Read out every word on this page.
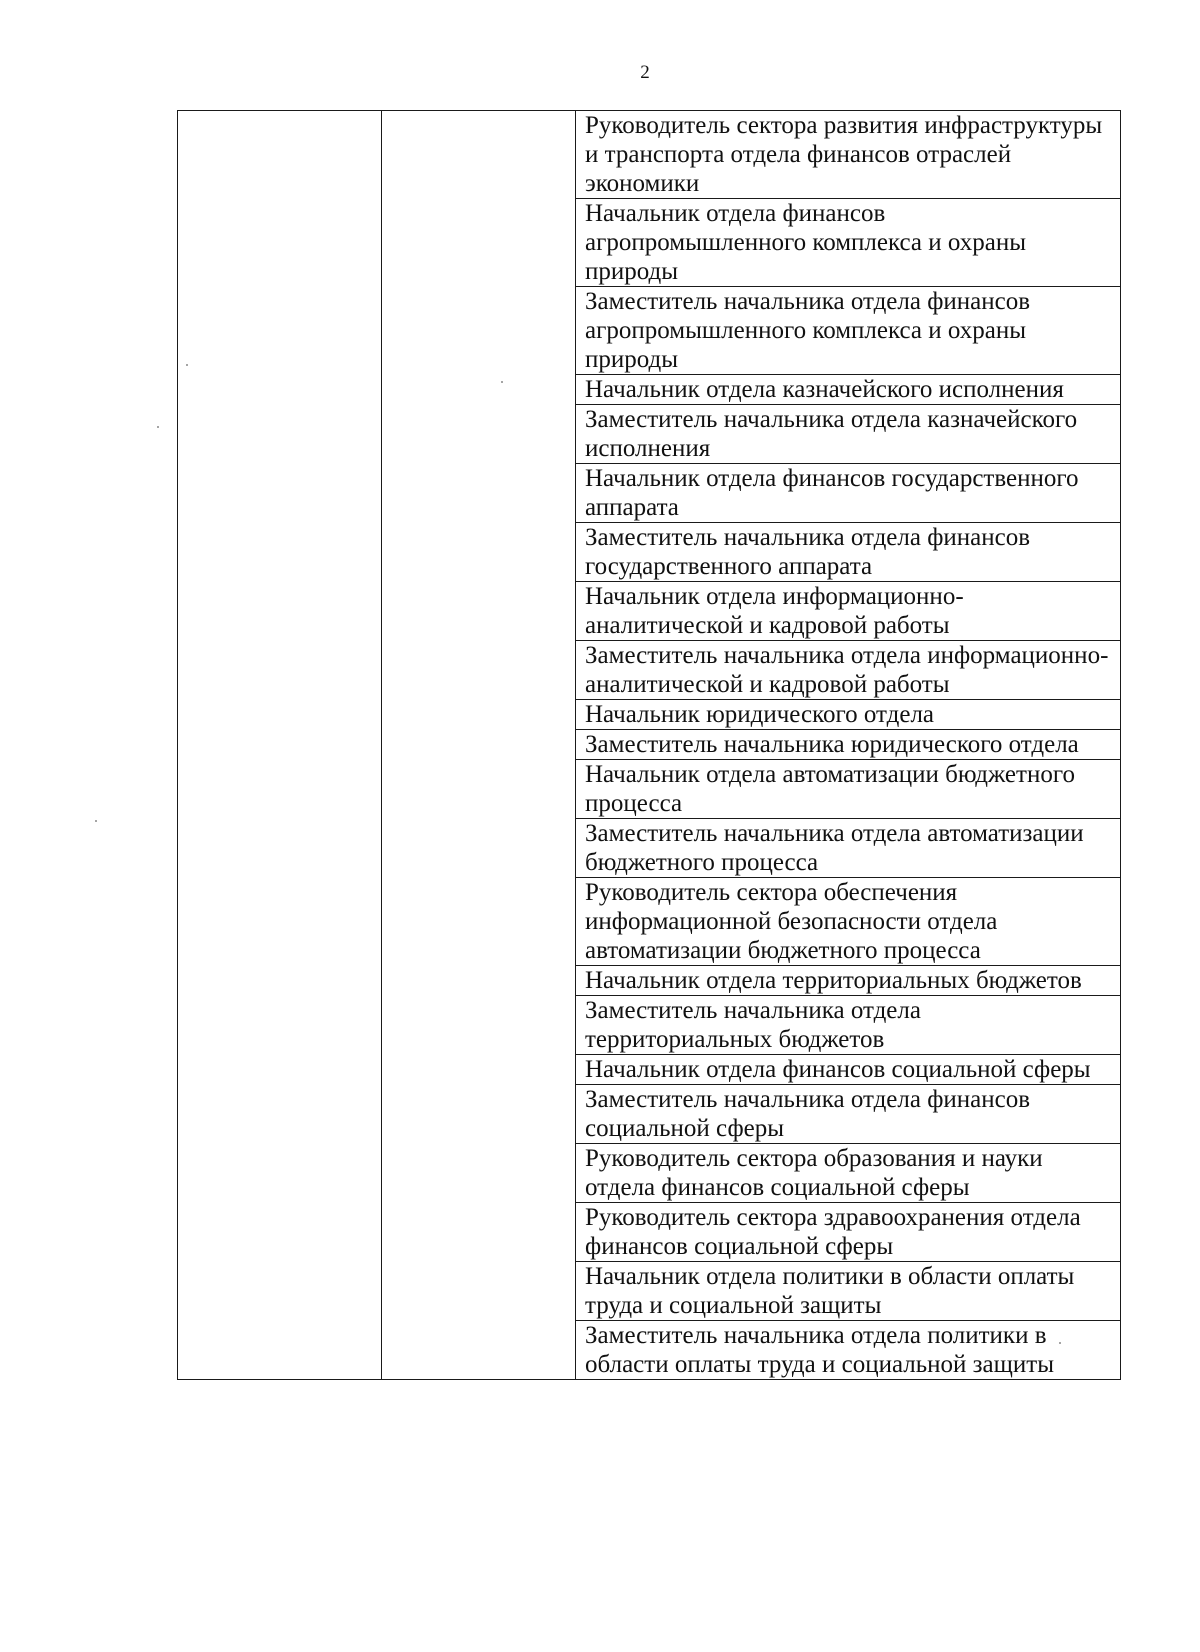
2
		Руководитель сектора развития инфраструктуры и транспорта отдела финансов отраслей экономики
Начальник отдела финансов агропромышленного комплекса и охраны природы
Заместитель начальника отдела финансов агропромышленного комплекса и охраны природы
Начальник отдела казначейского исполнения
Заместитель начальника отдела казначейского исполнения
Начальник отдела финансов государственного аппарата
Заместитель начальника отдела финансов государственного аппарата
Начальник отдела информационно-аналитической и кадровой работы
Заместитель начальника отдела информационно-аналитической и кадровой работы
Начальник юридического отдела
Заместитель начальника юридического отдела
Начальник отдела автоматизации бюджетного процесса
Заместитель начальника отдела автоматизации бюджетного процесса
Руководитель сектора обеспечения информационной безопасности отдела автоматизации бюджетного процесса
Начальник отдела территориальных бюджетов
Заместитель начальника отдела территориальных бюджетов
Начальник отдела финансов социальной сферы
Заместитель начальника отдела финансов социальной сферы
Руководитель сектора образования и науки отдела финансов социальной сферы
Руководитель сектора здравоохранения отдела финансов социальной сферы
Начальник отдела политики в области оплаты труда и социальной защиты
Заместитель начальника отдела политики в области оплаты труда и социальной защиты
